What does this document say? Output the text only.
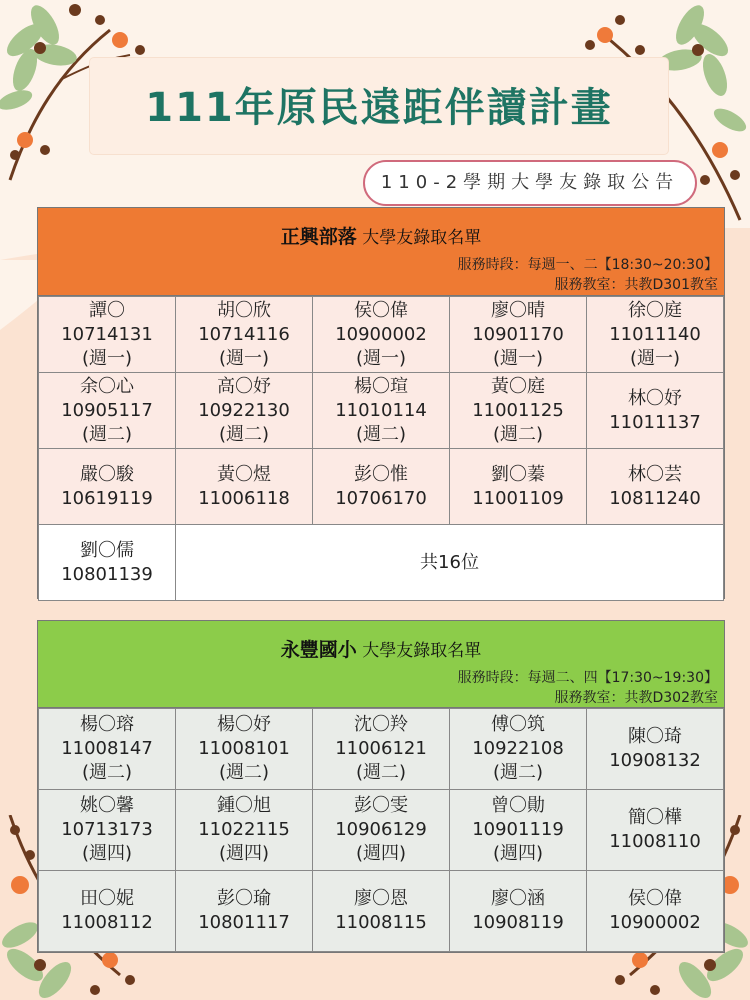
111年原民遠距伴讀計畫
110-2學期大學友錄取公告
正興部落 大學友錄取名單
服務時段：每週一、二【18:30~20:30】
服務教室：共教D301教室
譚〇
10714131
(週一)	胡〇欣
10714116
(週一)	侯〇偉
10900002
(週一)	廖〇晴
10901170
(週一)	徐〇庭
11011140
(週一)

余〇心
10905117
(週二)	高〇妤
10922130
(週二)	楊〇瑄
11010114
(週二)	黃〇庭
11001125
(週二)	林〇妤
11011137

嚴〇駿
10619119	黃〇煜
11006118	彭〇惟
10706170	劉〇蓁
11001109	林〇芸
10811240

劉〇儒
10801139	共16位			
永豐國小 大學友錄取名單
服務時段：每週二、四【17:30~19:30】
服務教室：共教D302教室
楊〇瑢
11008147
(週二)	楊〇妤
11008101
(週二)	沈〇羚
11006121
(週二)	傅〇筑
10922108
(週二)	陳〇琦
10908132

姚〇馨
10713173
(週四)	鍾〇旭
11022115
(週四)	彭〇雯
10906129
(週四)	曾〇勛
10901119
(週四)	簡〇樺
11008110

田〇妮
11008112	彭〇瑜
10801117	廖〇恩
11008115	廖〇涵
10908119	侯〇偉
10900002
